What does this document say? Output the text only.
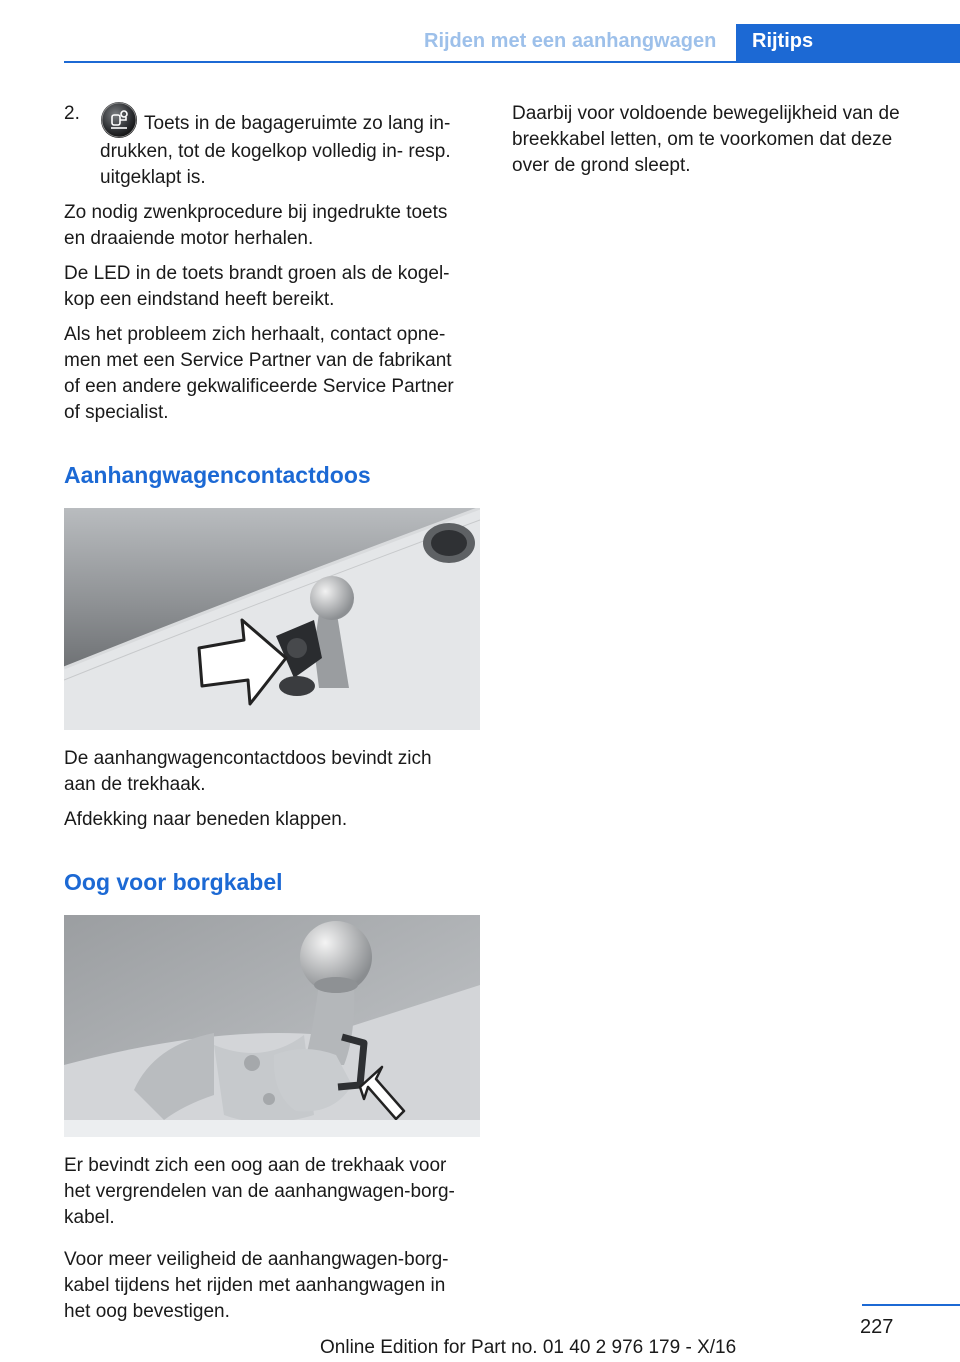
Rijden met een aanhangwagen Rijtips
2.	Toets in de bagageruimte zo lang in-
drukken, tot de kogelkop volledig in- resp.
uitgeklapt is.
Zo nodig zwenkprocedure bij ingedrukte toets
en draaiende motor herhalen.
De LED in de toets brandt groen als de kogel-
kop een eindstand heeft bereikt.
Als het probleem zich herhaalt, contact opne-
men met een Service Partner van de fabrikant
of een andere gekwalificeerde Service Partner
of specialist.
Aanhangwagencontactdoos
De aanhangwagencontactdoos bevindt zich
aan de trekhaak.
Afdekking naar beneden klappen.
Oog voor borgkabel
Er bevindt zich een oog aan de trekhaak voor
het vergrendelen van de aanhangwagen-borg-
kabel.
Voor meer veiligheid de aanhangwagen-borg-
kabel tijdens het rijden met aanhangwagen in
het oog bevestigen.
Daarbij voor voldoende bewegelijkheid van de
breekkabel letten, om te voorkomen dat deze
over de grond sleept.
227
Online Edition for Part no. 01 40 2 976 179 - X/16
